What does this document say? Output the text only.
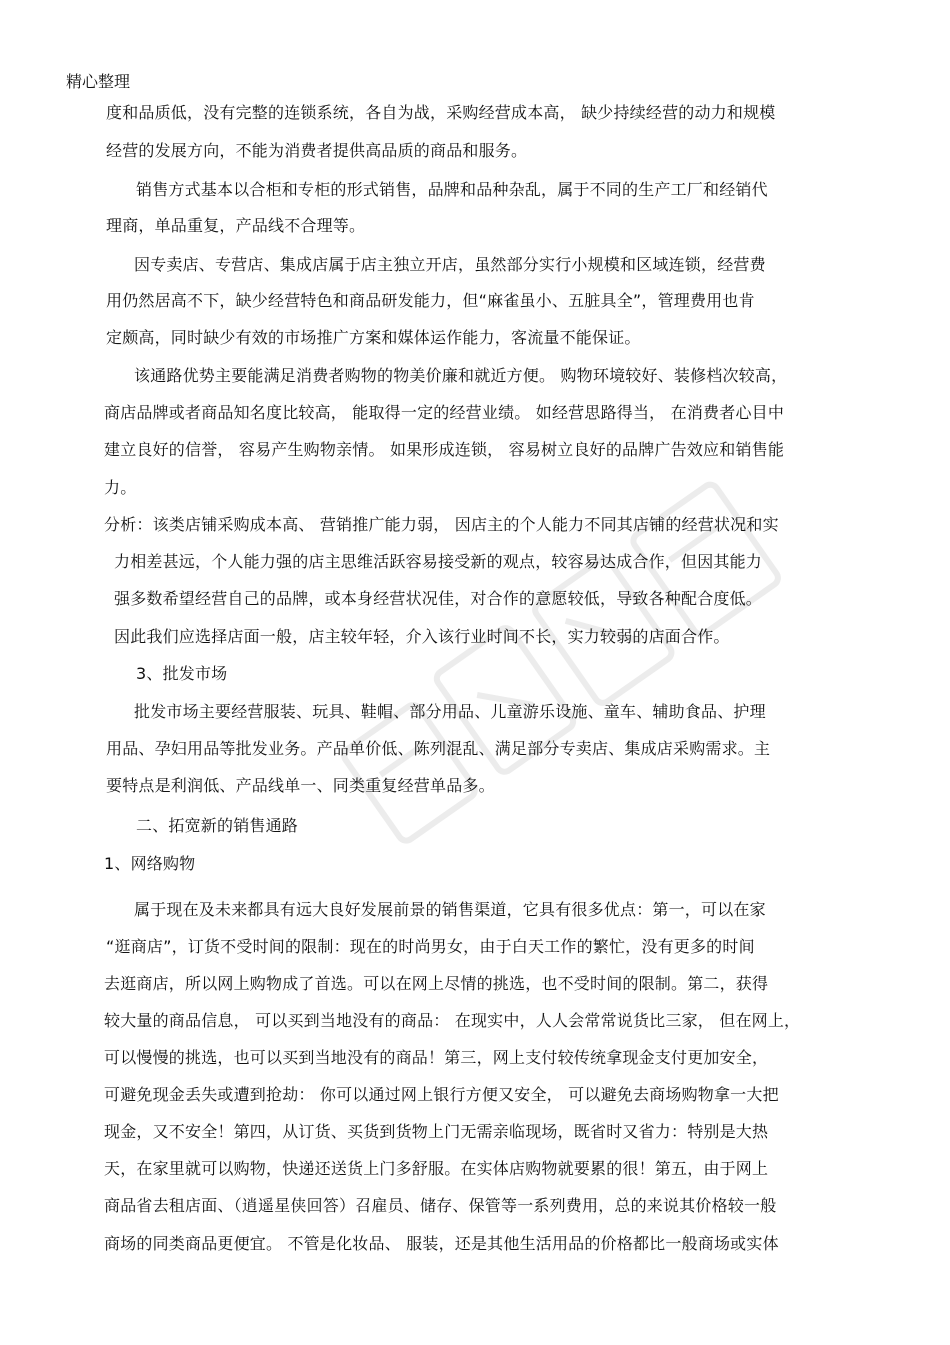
精心整理
度和品质低，没有完整的连锁系统，各自为战，采购经营成本高， 缺少持续经营的动力和规模
经营的发展方向，不能为消费者提供高品质的商品和服务。
销售方式基本以合柜和专柜的形式销售，品牌和品种杂乱，属于不同的生产工厂和经销代
理商，单品重复，产品线不合理等。
因专卖店、专营店、集成店属于店主独立开店，虽然部分实行小规模和区域连锁，经营费
用仍然居高不下，缺少经营特色和商品研发能力，但“麻雀虽小、五脏具全”，管理费用也肯
定颇高，同时缺少有效的市场推广方案和媒体运作能力，客流量不能保证。
该通路优势主要能满足消费者购物的物美价廉和就近方便。 购物环境较好、装修档次较高，
商店品牌或者商品知名度比较高， 能取得一定的经营业绩。 如经营思路得当， 在消费者心目中
建立良好的信誉， 容易产生购物亲情。 如果形成连锁， 容易树立良好的品牌广告效应和销售能
力。
分析：该类店铺采购成本高、 营销推广能力弱， 因店主的个人能力不同其店铺的经营状况和实
力相差甚远，个人能力强的店主思维活跃容易接受新的观点，较容易达成合作，但因其能力
强多数希望经营自己的品牌，或本身经营状况佳，对合作的意愿较低，导致各种配合度低。
因此我们应选择店面一般，店主较年轻，介入该行业时间不长，实力较弱的店面合作。
3、批发市场
批发市场主要经营服装、玩具、鞋帽、部分用品、儿童游乐设施、童车、辅助食品、护理
用品、孕妇用品等批发业务。产品单价低、陈列混乱、满足部分专卖店、集成店采购需求。主
要特点是利润低、产品线单一、同类重复经营单品多。
二、拓宽新的销售通路
1、网络购物
属于现在及未来都具有远大良好发展前景的销售渠道，它具有很多优点：第一，可以在家
“逛商店”，订货不受时间的限制：现在的时尚男女，由于白天工作的繁忙，没有更多的时间
去逛商店，所以网上购物成了首选。可以在网上尽情的挑选，也不受时间的限制。第二，获得
较大量的商品信息， 可以买到当地没有的商品： 在现实中，人人会常常说货比三家， 但在网上，
可以慢慢的挑选，也可以买到当地没有的商品！第三，网上支付较传统拿现金支付更加安全，
可避免现金丢失或遭到抢劫： 你可以通过网上银行方便又安全， 可以避免去商场购物拿一大把
现金，又不安全！第四，从订货、买货到货物上门无需亲临现场，既省时又省力：特别是大热
天，在家里就可以购物，快递还送货上门多舒服。在实体店购物就要累的很！第五，由于网上
商品省去租店面、（逍遥星侠回答）召雇员、储存、保管等一系列费用，总的来说其价格较一般
商场的同类商品更便宜。 不管是化妆品、 服装，还是其他生活用品的价格都比一般商场或实体
